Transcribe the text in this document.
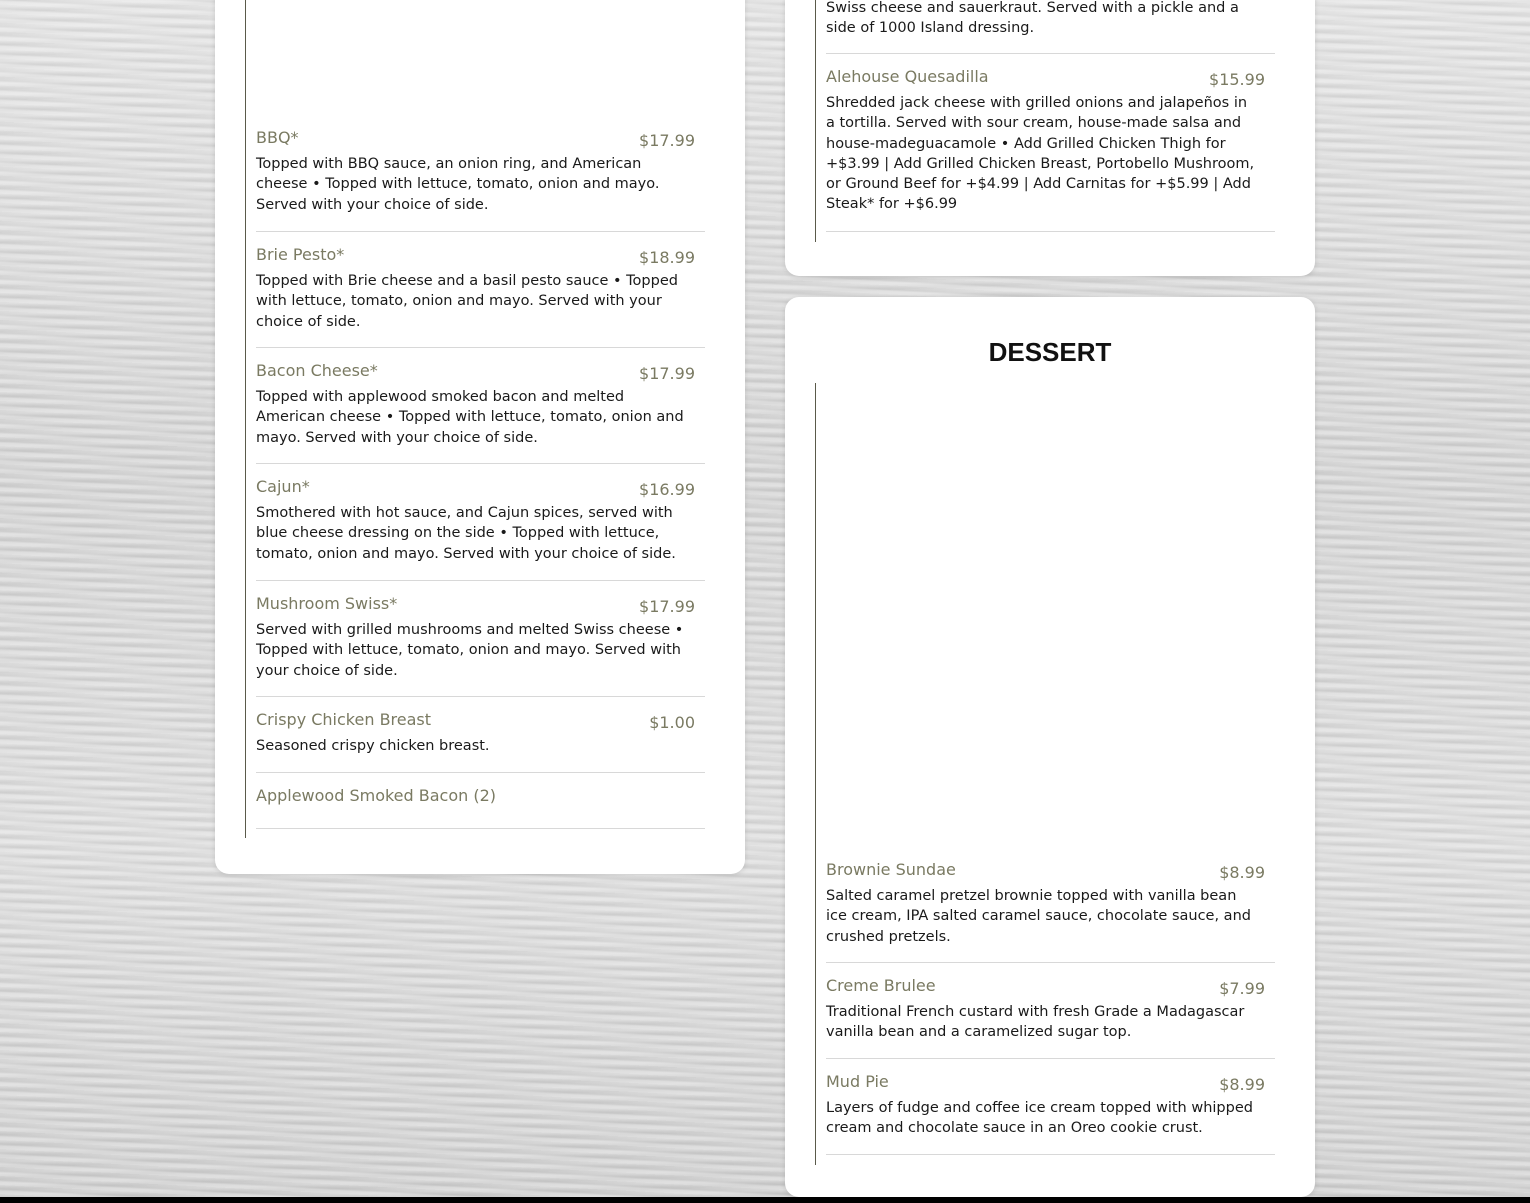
BBQ*	$17.99
Topped with BBQ sauce, an onion ring, and American cheese • Topped with lettuce, tomato, onion and mayo. Served with your choice of side.
Brie Pesto*	$18.99
Topped with Brie cheese and a basil pesto sauce • Topped with lettuce, tomato, onion and mayo. Served with your choice of side.
Bacon Cheese*	$17.99
Topped with applewood smoked bacon and melted American cheese • Topped with lettuce, tomato, onion and mayo. Served with your choice of side.
Cajun*	$16.99
Smothered with hot sauce, and Cajun spices, served with blue cheese dressing on the side • Topped with lettuce, tomato, onion and mayo. Served with your choice of side.
Mushroom Swiss*	$17.99
Served with grilled mushrooms and melted Swiss cheese • Topped with lettuce, tomato, onion and mayo. Served with your choice of side.
Crispy Chicken Breast	$1.00
Seasoned crispy chicken breast.
Applewood Smoked Bacon (2)
Swiss cheese and sauerkraut. Served with a pickle and a side of 1000 Island dressing.
Alehouse Quesadilla	$15.99
Shredded jack cheese with grilled onions and jalapeños in a tortilla. Served with sour cream, house-made salsa and house-madeguacamole • Add Grilled Chicken Thigh for +$3.99 | Add Grilled Chicken Breast, Portobello Mushroom, or Ground Beef for +$4.99 | Add Carnitas for +$5.99 | Add Steak* for +$6.99
DESSERT
Brownie Sundae	$8.99
Salted caramel pretzel brownie topped with vanilla bean ice cream, IPA salted caramel sauce, chocolate sauce, and crushed pretzels.
Creme Brulee	$7.99
Traditional French custard with fresh Grade a Madagascar vanilla bean and a caramelized sugar top.
Mud Pie	$8.99
Layers of fudge and coffee ice cream topped with whipped cream and chocolate sauce in an Oreo cookie crust.
